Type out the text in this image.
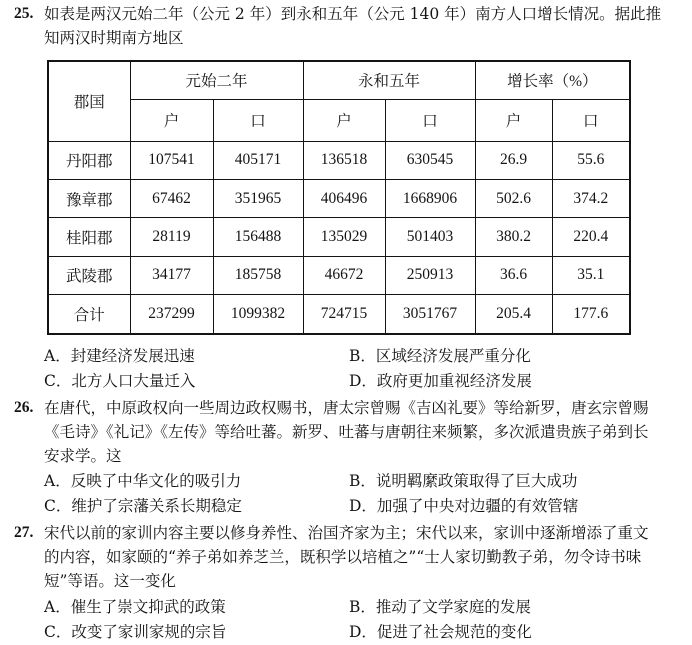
25. 如表是两汉元始二年（公元 2 年）到永和五年（公元 140 年）南方人口增长情况。据此推
知两汉时期南方地区
郡国	元始二年		永和五年		增长率（%）	
	户	口	户	口	户	口
丹阳郡	107541	405171	136518	630545	26.9	55.6
豫章郡	67462	351965	406496	1668906	502.6	374.2
桂阳郡	28119	156488	135029	501403	380.2	220.4
武陵郡	34177	185758	46672	250913	36.6	35.1
合计	237299	1099382	724715	3051767	205.4	177.6
A．封建经济发展迅速	B．区域经济发展严重分化
C．北方人口大量迁入	D．政府更加重视经济发展
26. 在唐代，中原政权向一些周边政权赐书，唐太宗曾赐《吉凶礼要》等给新罗，唐玄宗曾赐
《毛诗》《礼记》《左传》等给吐蕃。新罗、吐蕃与唐朝往来频繁，多次派遣贵族子弟到长
安求学。这
A．反映了中华文化的吸引力	B．说明羁縻政策取得了巨大成功
C．维护了宗藩关系长期稳定	D．加强了中央对边疆的有效管辖
27. 宋代以前的家训内容主要以修身养性、治国齐家为主；宋代以来，家训中逐渐增添了重文
的内容，如家颐的“养子弟如养芝兰，既积学以培植之”“士人家切勤教子弟，勿令诗书味
短”等语。这一变化
A．催生了崇文抑武的政策	B．推动了文学家庭的发展
C．改变了家训家规的宗旨	D．促进了社会规范的变化
